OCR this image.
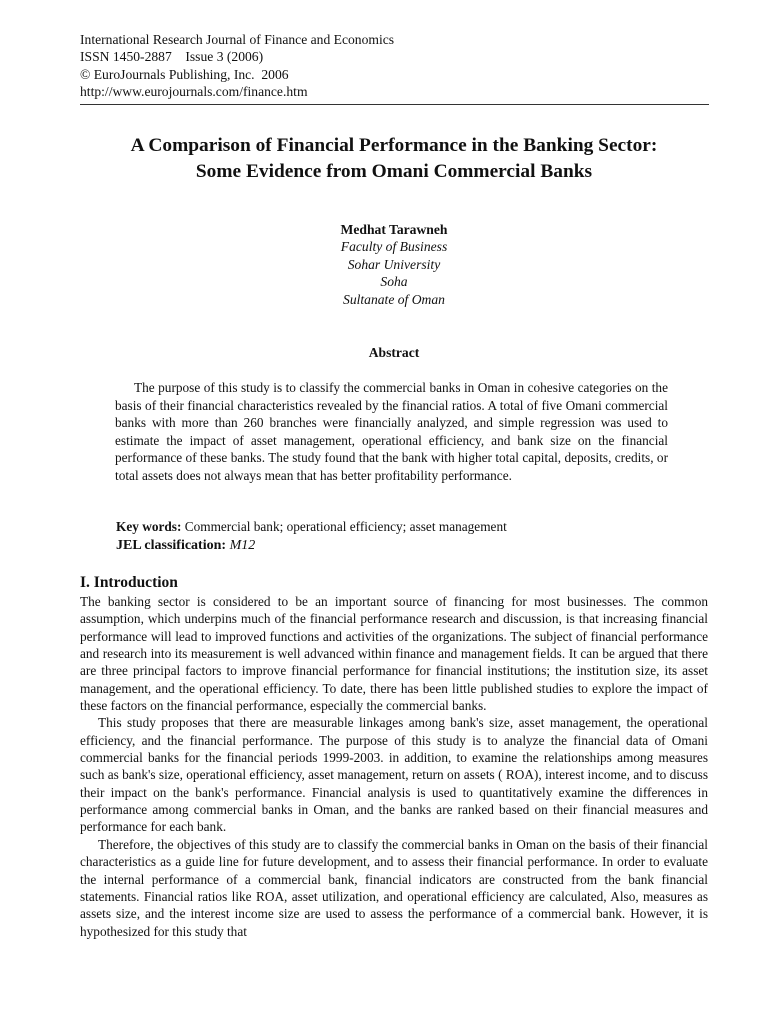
International Research Journal of Finance and Economics
ISSN 1450-2887    Issue 3 (2006)
© EuroJournals Publishing, Inc.  2006
http://www.eurojournals.com/finance.htm
A Comparison of Financial Performance in the Banking Sector:
Some Evidence from Omani Commercial Banks
Medhat Tarawneh
Faculty of Business
Sohar University
Soha
Sultanate of Oman
Abstract
The purpose of this study is to classify the commercial banks in Oman in cohesive categories on the basis of their financial characteristics revealed by the financial ratios. A total of five Omani commercial banks with more than 260 branches were financially analyzed, and simple regression was used to estimate the impact of asset management, operational efficiency, and bank size on the financial performance of these banks. The study found that the bank with higher total capital, deposits, credits, or total assets does not always mean that has better profitability performance.
Key words: Commercial bank; operational efficiency; asset management
JEL classification: M12
I. Introduction

The banking sector is considered to be an important source of financing for most businesses. The common assumption, which underpins much of the financial performance research and discussion, is that increasing financial performance will lead to improved functions and activities of the organizations. The subject of financial performance and research into its measurement is well advanced within finance and management fields. It can be argued that there are three principal factors to improve financial performance for financial institutions; the institution size, its asset management, and the operational efficiency. To date, there has been little published studies to explore the impact of these factors on the financial performance, especially the commercial banks.

This study proposes that there are measurable linkages among bank's size, asset management, the operational efficiency, and the financial performance. The purpose of this study is to analyze the financial data of Omani commercial banks for the financial periods 1999-2003. in addition, to examine the relationships among measures such as bank's size, operational efficiency, asset management, return on assets ( ROA), interest income, and to discuss their impact on the bank's performance. Financial analysis is used to quantitatively examine the differences in performance among commercial banks in Oman, and the banks are ranked based on their financial measures and performance for each bank.

Therefore, the objectives of this study are to classify the commercial banks in Oman on the basis of their financial characteristics as a guide line for future development, and to assess their financial performance. In order to evaluate the internal performance of a commercial bank, financial indicators are constructed from the bank financial statements. Financial ratios like ROA, asset utilization, and operational efficiency are calculated, Also, measures as assets size, and the interest income size are used to assess the performance of a commercial bank. However, it is hypothesized for this study that
